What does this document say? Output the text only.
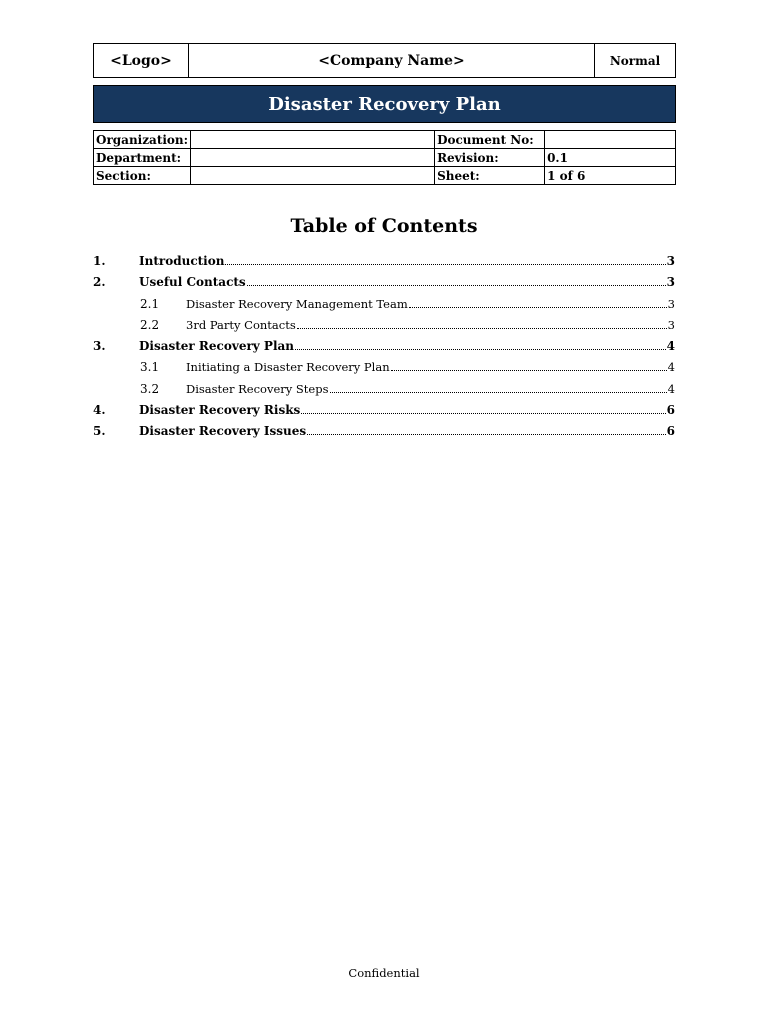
<Logo>	<Company Name>	Normal
Disaster Recovery Plan
Organization:		Document No:	
Department:		Revision:	0.1
Section:		Sheet:	1 of 6
Table of Contents
1.	Introduction	3
2.	Useful Contacts	3
2.1 Disaster Recovery Management Team	3
2.2 3rd Party Contacts	3
3.	Disaster Recovery Plan	4
3.1 Initiating a Disaster Recovery Plan	4
3.2 Disaster Recovery Steps	4
4.	Disaster Recovery Risks	6
5.	Disaster Recovery Issues	6
Confidential
